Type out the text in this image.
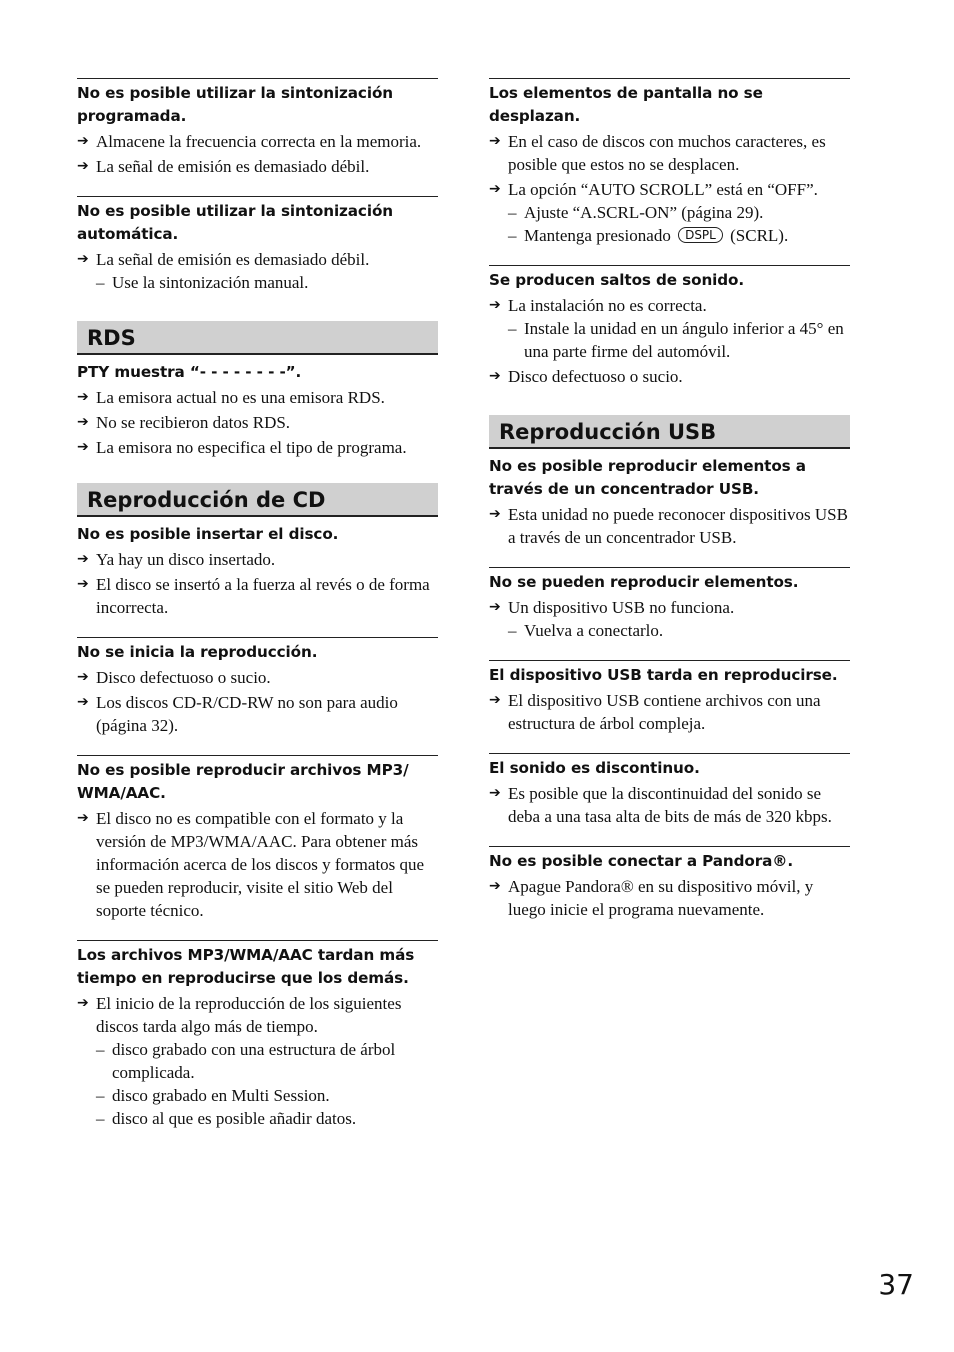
No es posible utilizar la sintonización programada.
➔ Almacene la frecuencia correcta en la memoria.
➔ La señal de emisión es demasiado débil.
No es posible utilizar la sintonización automática.
➔ La señal de emisión es demasiado débil.
– Use la sintonización manual.
RDS
PTY muestra “- - - - - - - -”.
➔ La emisora actual no es una emisora RDS.
➔ No se recibieron datos RDS.
➔ La emisora no especifica el tipo de programa.
Reproducción de CD
No es posible insertar el disco.
➔ Ya hay un disco insertado.
➔ El disco se insertó a la fuerza al revés o de forma incorrecta.
No se inicia la reproducción.
➔ Disco defectuoso o sucio.
➔ Los discos CD-R/CD-RW no son para audio (página 32).
No es posible reproducir archivos MP3/ WMA/AAC.
➔ El disco no es compatible con el formato y la versión de MP3/WMA/AAC. Para obtener más información acerca de los discos y formatos que se pueden reproducir, visite el sitio Web del soporte técnico.
Los archivos MP3/WMA/AAC tardan más tiempo en reproducirse que los demás.
➔ El inicio de la reproducción de los siguientes discos tarda algo más de tiempo.
– disco grabado con una estructura de árbol complicada.
– disco grabado en Multi Session.
– disco al que es posible añadir datos.
Los elementos de pantalla no se desplazan.
➔ En el caso de discos con muchos caracteres, es posible que estos no se desplacen.
➔ La opción “AUTO SCROLL” está en “OFF”.
– Ajuste “A.SCRL-ON” (página 29).
– Mantenga presionado DSPL (SCRL).
Se producen saltos de sonido.
➔ La instalación no es correcta.
– Instale la unidad en un ángulo inferior a 45° en una parte firme del automóvil.
➔ Disco defectuoso o sucio.
Reproducción USB
No es posible reproducir elementos a través de un concentrador USB.
➔ Esta unidad no puede reconocer dispositivos USB a través de un concentrador USB.
No se pueden reproducir elementos.
➔ Un dispositivo USB no funciona.
– Vuelva a conectarlo.
El dispositivo USB tarda en reproducirse.
➔ El dispositivo USB contiene archivos con una estructura de árbol compleja.
El sonido es discontinuo.
➔ Es posible que la discontinuidad del sonido se deba a una tasa alta de bits de más de 320 kbps.
No es posible conectar a Pandora®.
➔ Apague Pandora® en su dispositivo móvil, y luego inicie el programa nuevamente.
37
